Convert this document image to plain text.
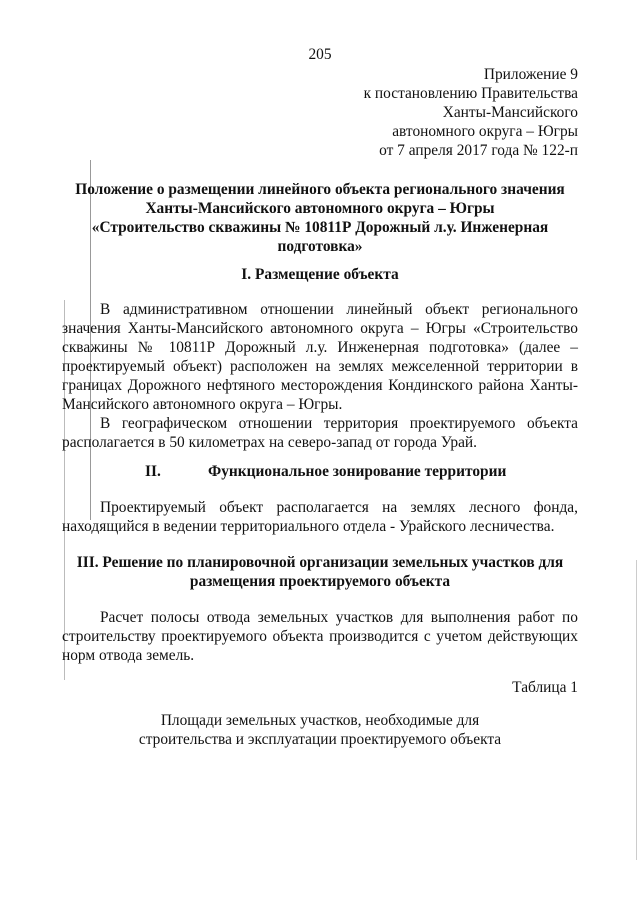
205
Приложение 9
к постановлению Правительства
Ханты-Мансийского
автономного округа – Югры
от 7 апреля 2017 года № 122-п
Положение о размещении линейного объекта регионального значения
Ханты-Мансийского автономного округа – Югры
«Строительство скважины № 10811Р Дорожный л.у. Инженерная
подготовка»
I. Размещение объекта
В административном отношении линейный объект регионального
значения Ханты-Мансийского автономного округа – Югры «Строительство
скважины № 10811Р Дорожный л.у. Инженерная подготовка» (далее –
проектируемый объект) расположен на землях межселенной территории в
границах Дорожного нефтяного месторождения Кондинского района Ханты-
Мансийского автономного округа – Югры.
В географическом отношении территория проектируемого объекта
располагается в 50 километрах на северо-запад от города Урай.
II.	Функциональное зонирование территории
Проектируемый объект располагается на землях лесного фонда,
находящийся в ведении территориального отдела - Урайского лесничества.
III. Решение по планировочной организации земельных участков для
размещения проектируемого объекта
Расчет полосы отвода земельных участков для выполнения работ по
строительству проектируемого объекта производится с учетом действующих
норм отвода земель.
Таблица 1
Площади земельных участков, необходимые для
строительства и эксплуатации проектируемого объекта
